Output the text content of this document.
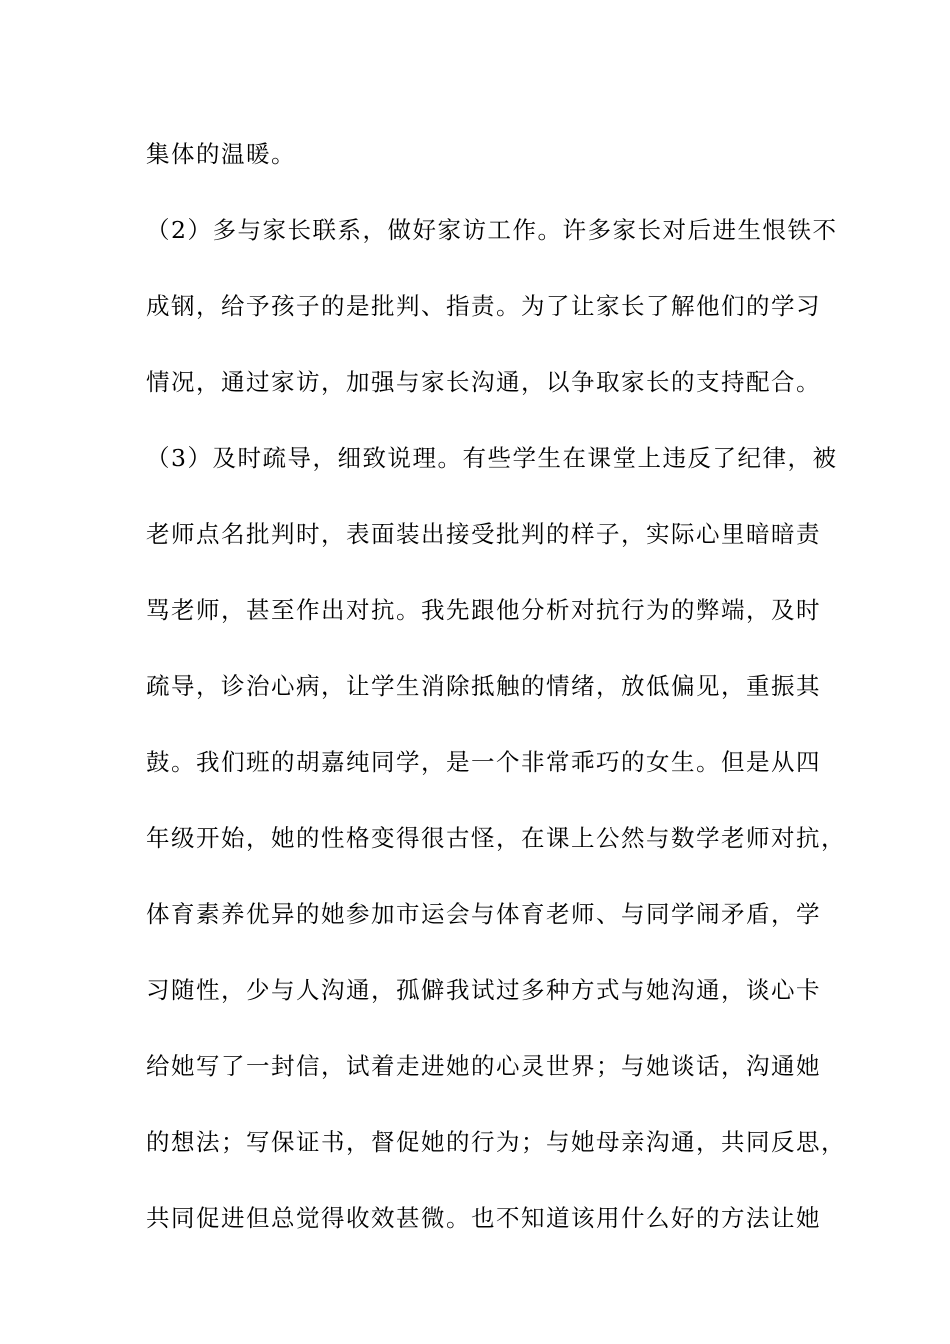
集体的温暖。
（2）多与家长联系，做好家访工作。许多家长对后进生恨铁不
成钢，给予孩子的是批判、指责。为了让家长了解他们的学习
情况，通过家访，加强与家长沟通，以争取家长的支持配合。
（3）及时疏导，细致说理。有些学生在课堂上违反了纪律，被
老师点名批判时，表面装出接受批判的样子，实际心里暗暗责
骂老师，甚至作出对抗。我先跟他分析对抗行为的弊端，及时
疏导，诊治心病，让学生消除抵触的情绪，放低偏见，重振其
鼓。我们班的胡嘉纯同学，是一个非常乖巧的女生。但是从四
年级开始，她的性格变得很古怪，在课上公然与数学老师对抗，
体育素养优异的她参加市运会与体育老师、与同学闹矛盾，学
习随性，少与人沟通，孤僻我试过多种方式与她沟通，谈心卡
给她写了一封信，试着走进她的心灵世界；与她谈话，沟通她
的想法；写保证书，督促她的行为；与她母亲沟通，共同反思，
共同促进但总觉得收效甚微。也不知道该用什么好的方法让她
